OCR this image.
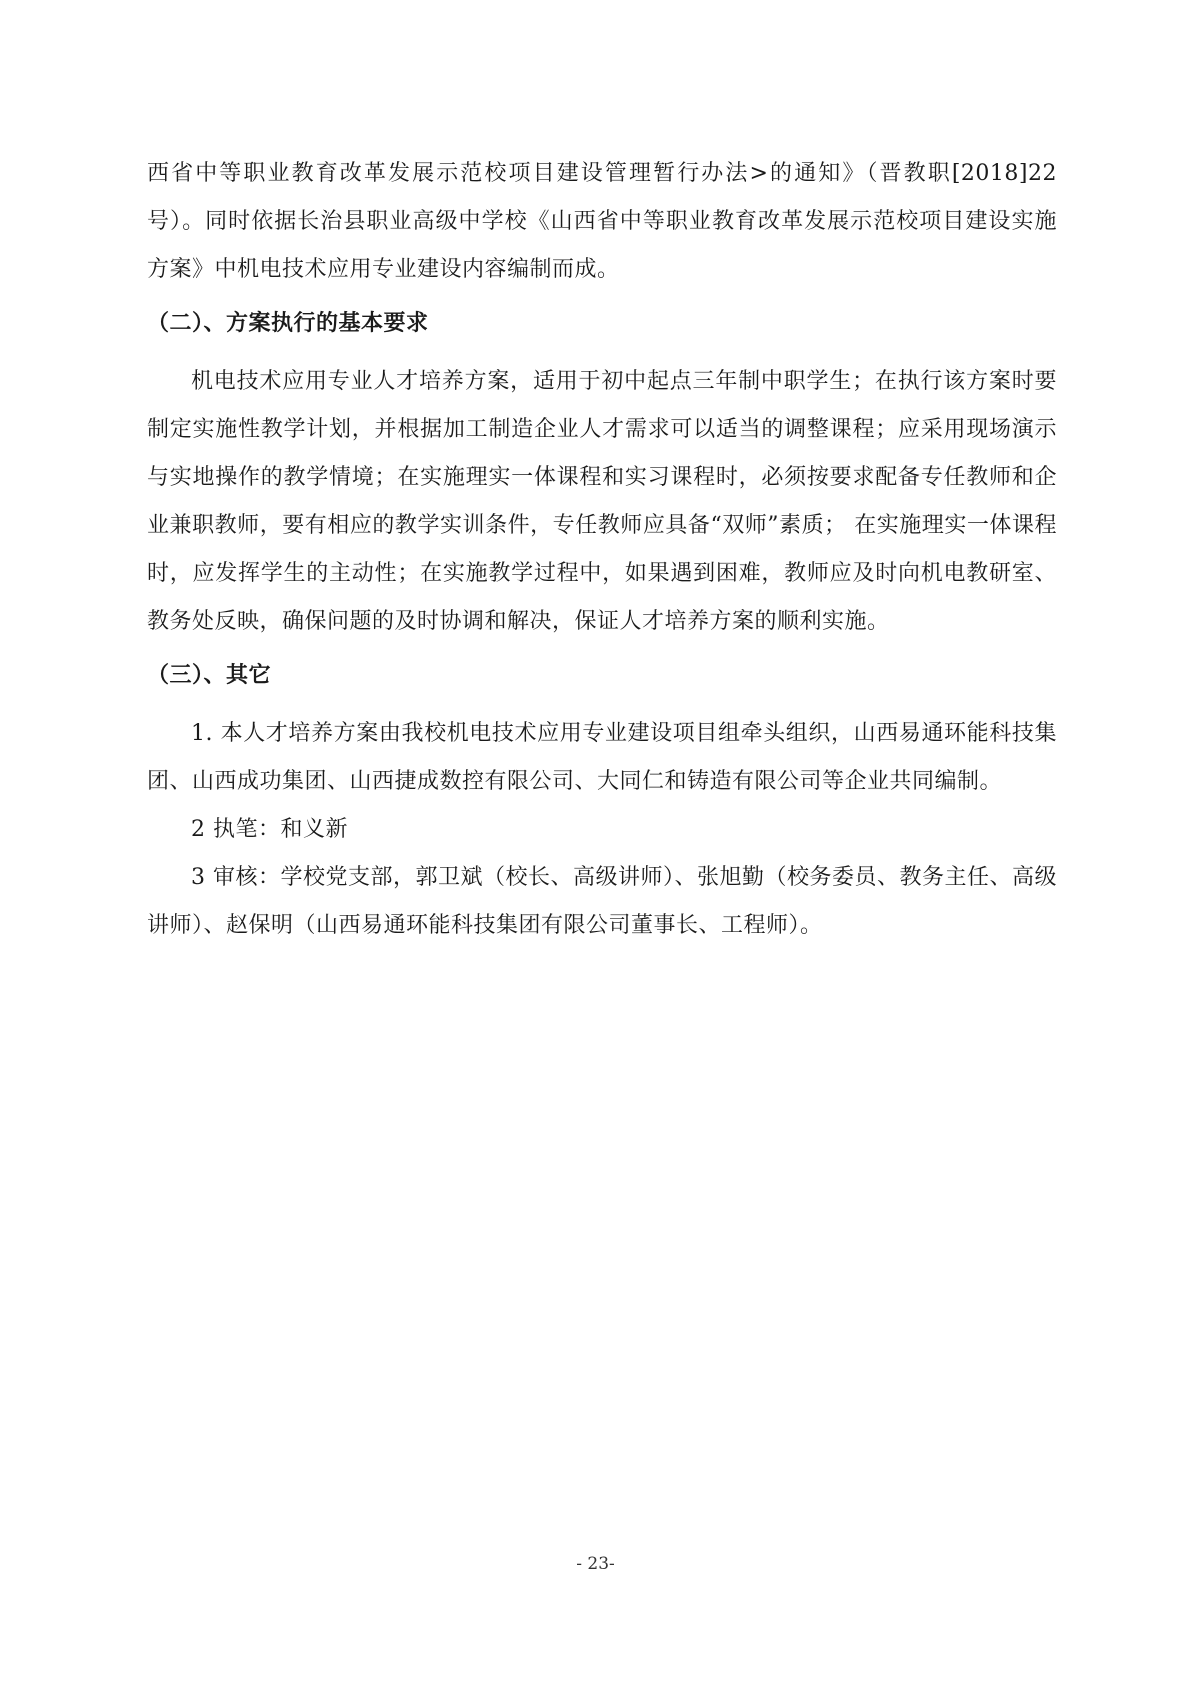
西省中等职业教育改革发展示范校项目建设管理暂行办法>的通知》（晋教职[2018]22号）。同时依据长治县职业高级中学校《山西省中等职业教育改革发展示范校项目建设实施方案》中机电技术应用专业建设内容编制而成。

（二）、方案执行的基本要求

机电技术应用专业人才培养方案，适用于初中起点三年制中职学生；在执行该方案时要制定实施性教学计划，并根据加工制造企业人才需求可以适当的调整课程；应采用现场演示与实地操作的教学情境；在实施理实一体课程和实习课程时，必须按要求配备专任教师和企业兼职教师，要有相应的教学实训条件，专任教师应具备“双师”素质； 在实施理实一体课程时，应发挥学生的主动性；在实施教学过程中，如果遇到困难，教师应及时向机电教研室、教务处反映，确保问题的及时协调和解决，保证人才培养方案的顺利实施。

（三）、其它

1. 本人才培养方案由我校机电技术应用专业建设项目组牵头组织，山西易通环能科技集团、山西成功集团、山西捷成数控有限公司、大同仁和铸造有限公司等企业共同编制。

2 执笔：和义新

3 审核：学校党支部，郭卫斌（校长、高级讲师）、张旭勤（校务委员、教务主任、高级讲师）、赵保明（山西易通环能科技集团有限公司董事长、工程师）。

- 23-
